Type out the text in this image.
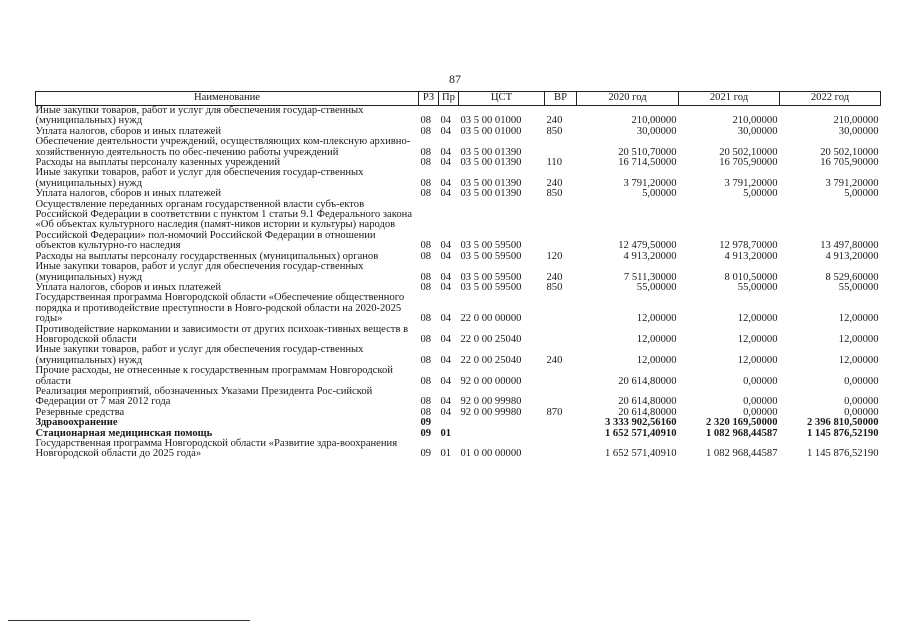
87
Наименование	РЗ	Пр	ЦСТ	ВР	2020 год	2021 год	2022 год
Иные закупки товаров, работ и услуг для обеспечения государ-ственных (муниципальных) нужд	08	04	03 5 00 01000	240	210,00000	210,00000	210,00000
Уплата налогов, сборов и иных платежей	08	04	03 5 00 01000	850	30,00000	30,00000	30,00000
Обеспечение деятельности учреждений, осуществляющих ком-плексную архивно-хозяйственную деятельность по обес-печению работы учреждений	08	04	03 5 00 01390		20 510,70000	20 502,10000	20 502,10000
Расходы на выплаты персоналу казенных учреждений	08	04	03 5 00 01390	110	16 714,50000	16 705,90000	16 705,90000
Иные закупки товаров, работ и услуг для обеспечения государ-ственных (муниципальных) нужд	08	04	03 5 00 01390	240	3 791,20000	3 791,20000	3 791,20000
Уплата налогов, сборов и иных платежей	08	04	03 5 00 01390	850	5,00000	5,00000	5,00000
Осуществление переданных органам государственной власти субъ-ектов Российской Федерации в соответствии с пунктом 1 статьи 9.1 Федерального закона «Об объектах культурного наследия (памят-ников истории и культуры) народов Российской Федерации» пол-номочий Российской Федерации в отношении объектов культурно-го наследия	08	04	03 5 00 59500		12 479,50000	12 978,70000	13 497,80000
Расходы на выплаты персоналу государственных (муниципальных) органов	08	04	03 5 00 59500	120	4 913,20000	4 913,20000	4 913,20000
Иные закупки товаров, работ и услуг для обеспечения государ-ственных (муниципальных) нужд	08	04	03 5 00 59500	240	7 511,30000	8 010,50000	8 529,60000
Уплата налогов, сборов и иных платежей	08	04	03 5 00 59500	850	55,00000	55,00000	55,00000
Государственная программа Новгородской области «Обеспечение общественного порядка и противодействие преступности в Новго-родской области на 2020-2025 годы»	08	04	22 0 00 00000		12,00000	12,00000	12,00000
Противодействие наркомании и зависимости от других психоак-тивных веществ в Новгородской области	08	04	22 0 00 25040		12,00000	12,00000	12,00000
Иные закупки товаров, работ и услуг для обеспечения государ-ственных (муниципальных) нужд	08	04	22 0 00 25040	240	12,00000	12,00000	12,00000
Прочие расходы, не отнесенные к государственным программам Новгородской области	08	04	92 0 00 00000		20 614,80000	0,00000	0,00000
Реализация мероприятий, обозначенных Указами Президента Рос-сийской Федерации от 7 мая 2012 года	08	04	92 0 00 99980		20 614,80000	0,00000	0,00000
Резервные средства	08	04	92 0 00 99980	870	20 614,80000	0,00000	0,00000
Здравоохранение	09				3 333 902,56160	2 320 169,50000	2 396 810,50000
Стационарная медицинская помощь	09	01			1 652 571,40910	1 082 968,44587	1 145 876,52190
Государственная программа Новгородской области «Развитие здра-воохранения Новгородской области до 2025 года»	09	01	01 0 00 00000		1 652 571,40910	1 082 968,44587	1 145 876,52190
